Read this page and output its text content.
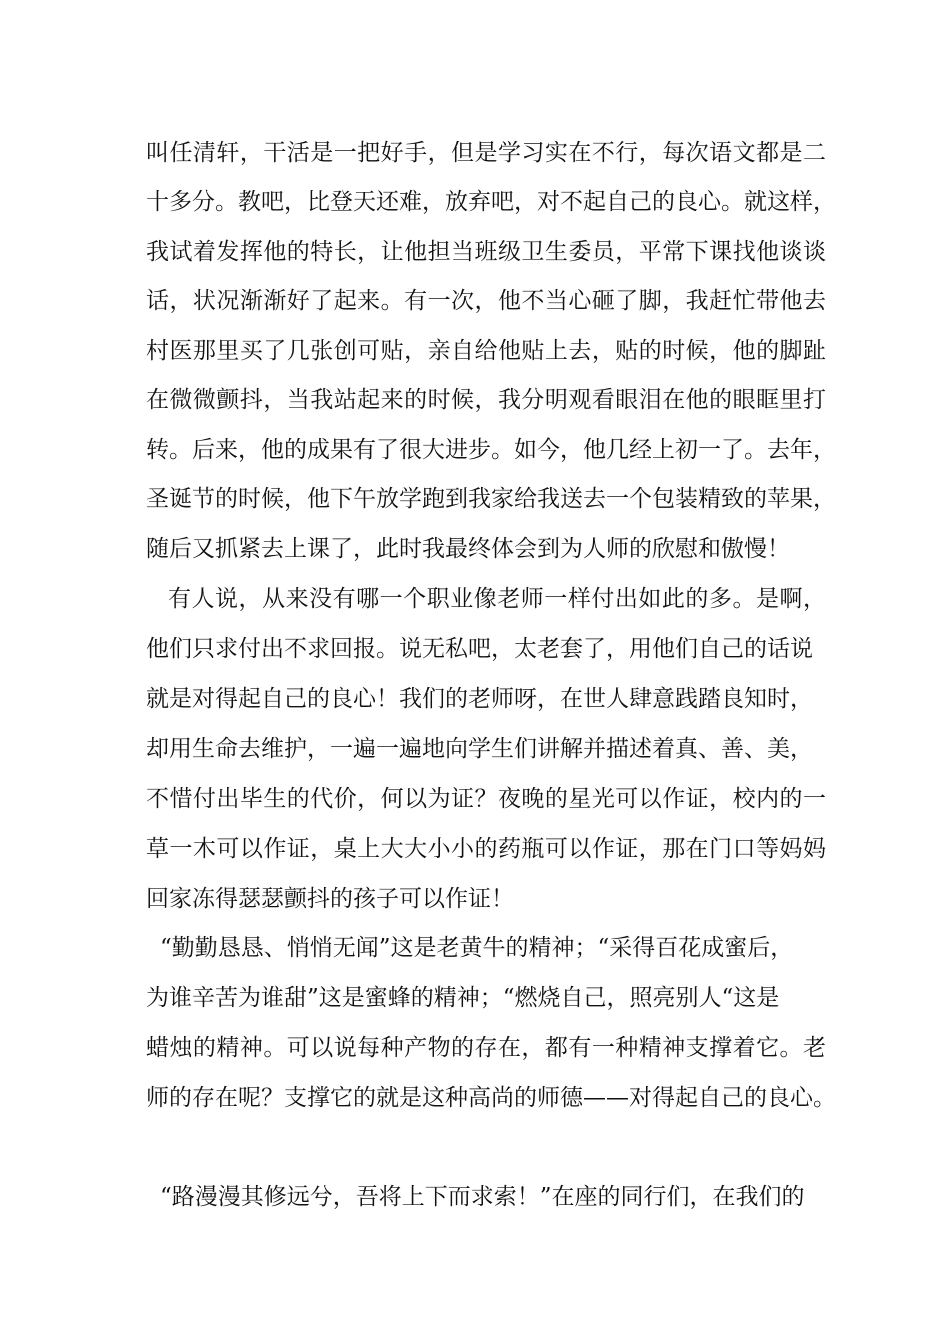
叫任清轩，干活是一把好手，但是学习实在不行，每次语文都是二
十多分。教吧，比登天还难，放弃吧，对不起自己的良心。就这样，
我试着发挥他的特长，让他担当班级卫生委员，平常下课找他谈谈
话，状况渐渐好了起来。有一次，他不当心砸了脚，我赶忙带他去
村医那里买了几张创可贴，亲自给他贴上去，贴的时候，他的脚趾
在微微颤抖，当我站起来的时候，我分明观看眼泪在他的眼眶里打
转。后来，他的成果有了很大进步。如今，他几经上初一了。去年，
圣诞节的时候，他下午放学跑到我家给我送去一个包装精致的苹果，
随后又抓紧去上课了，此时我最终体会到为人师的欣慰和傲慢！
有人说，从来没有哪一个职业像老师一样付出如此的多。是啊，
他们只求付出不求回报。说无私吧，太老套了，用他们自己的话说
就是对得起自己的良心！我们的老师呀，在世人肆意践踏良知时，
却用生命去维护，一遍一遍地向学生们讲解并描述着真、善、美，
不惜付出毕生的代价，何以为证？夜晚的星光可以作证，校内的一
草一木可以作证，桌上大大小小的药瓶可以作证，那在门口等妈妈
回家冻得瑟瑟颤抖的孩子可以作证！
“勤勤恳恳、悄悄无闻”这是老黄牛的精神；“采得百花成蜜后，
为谁辛苦为谁甜”这是蜜蜂的精神；“燃烧自己，照亮别人“这是
蜡烛的精神。可以说每种产物的存在，都有一种精神支撑着它。老
师的存在呢？支撑它的就是这种高尚的师德——对得起自己的良心。
“路漫漫其修远兮，吾将上下而求索！”在座的同行们，在我们的
